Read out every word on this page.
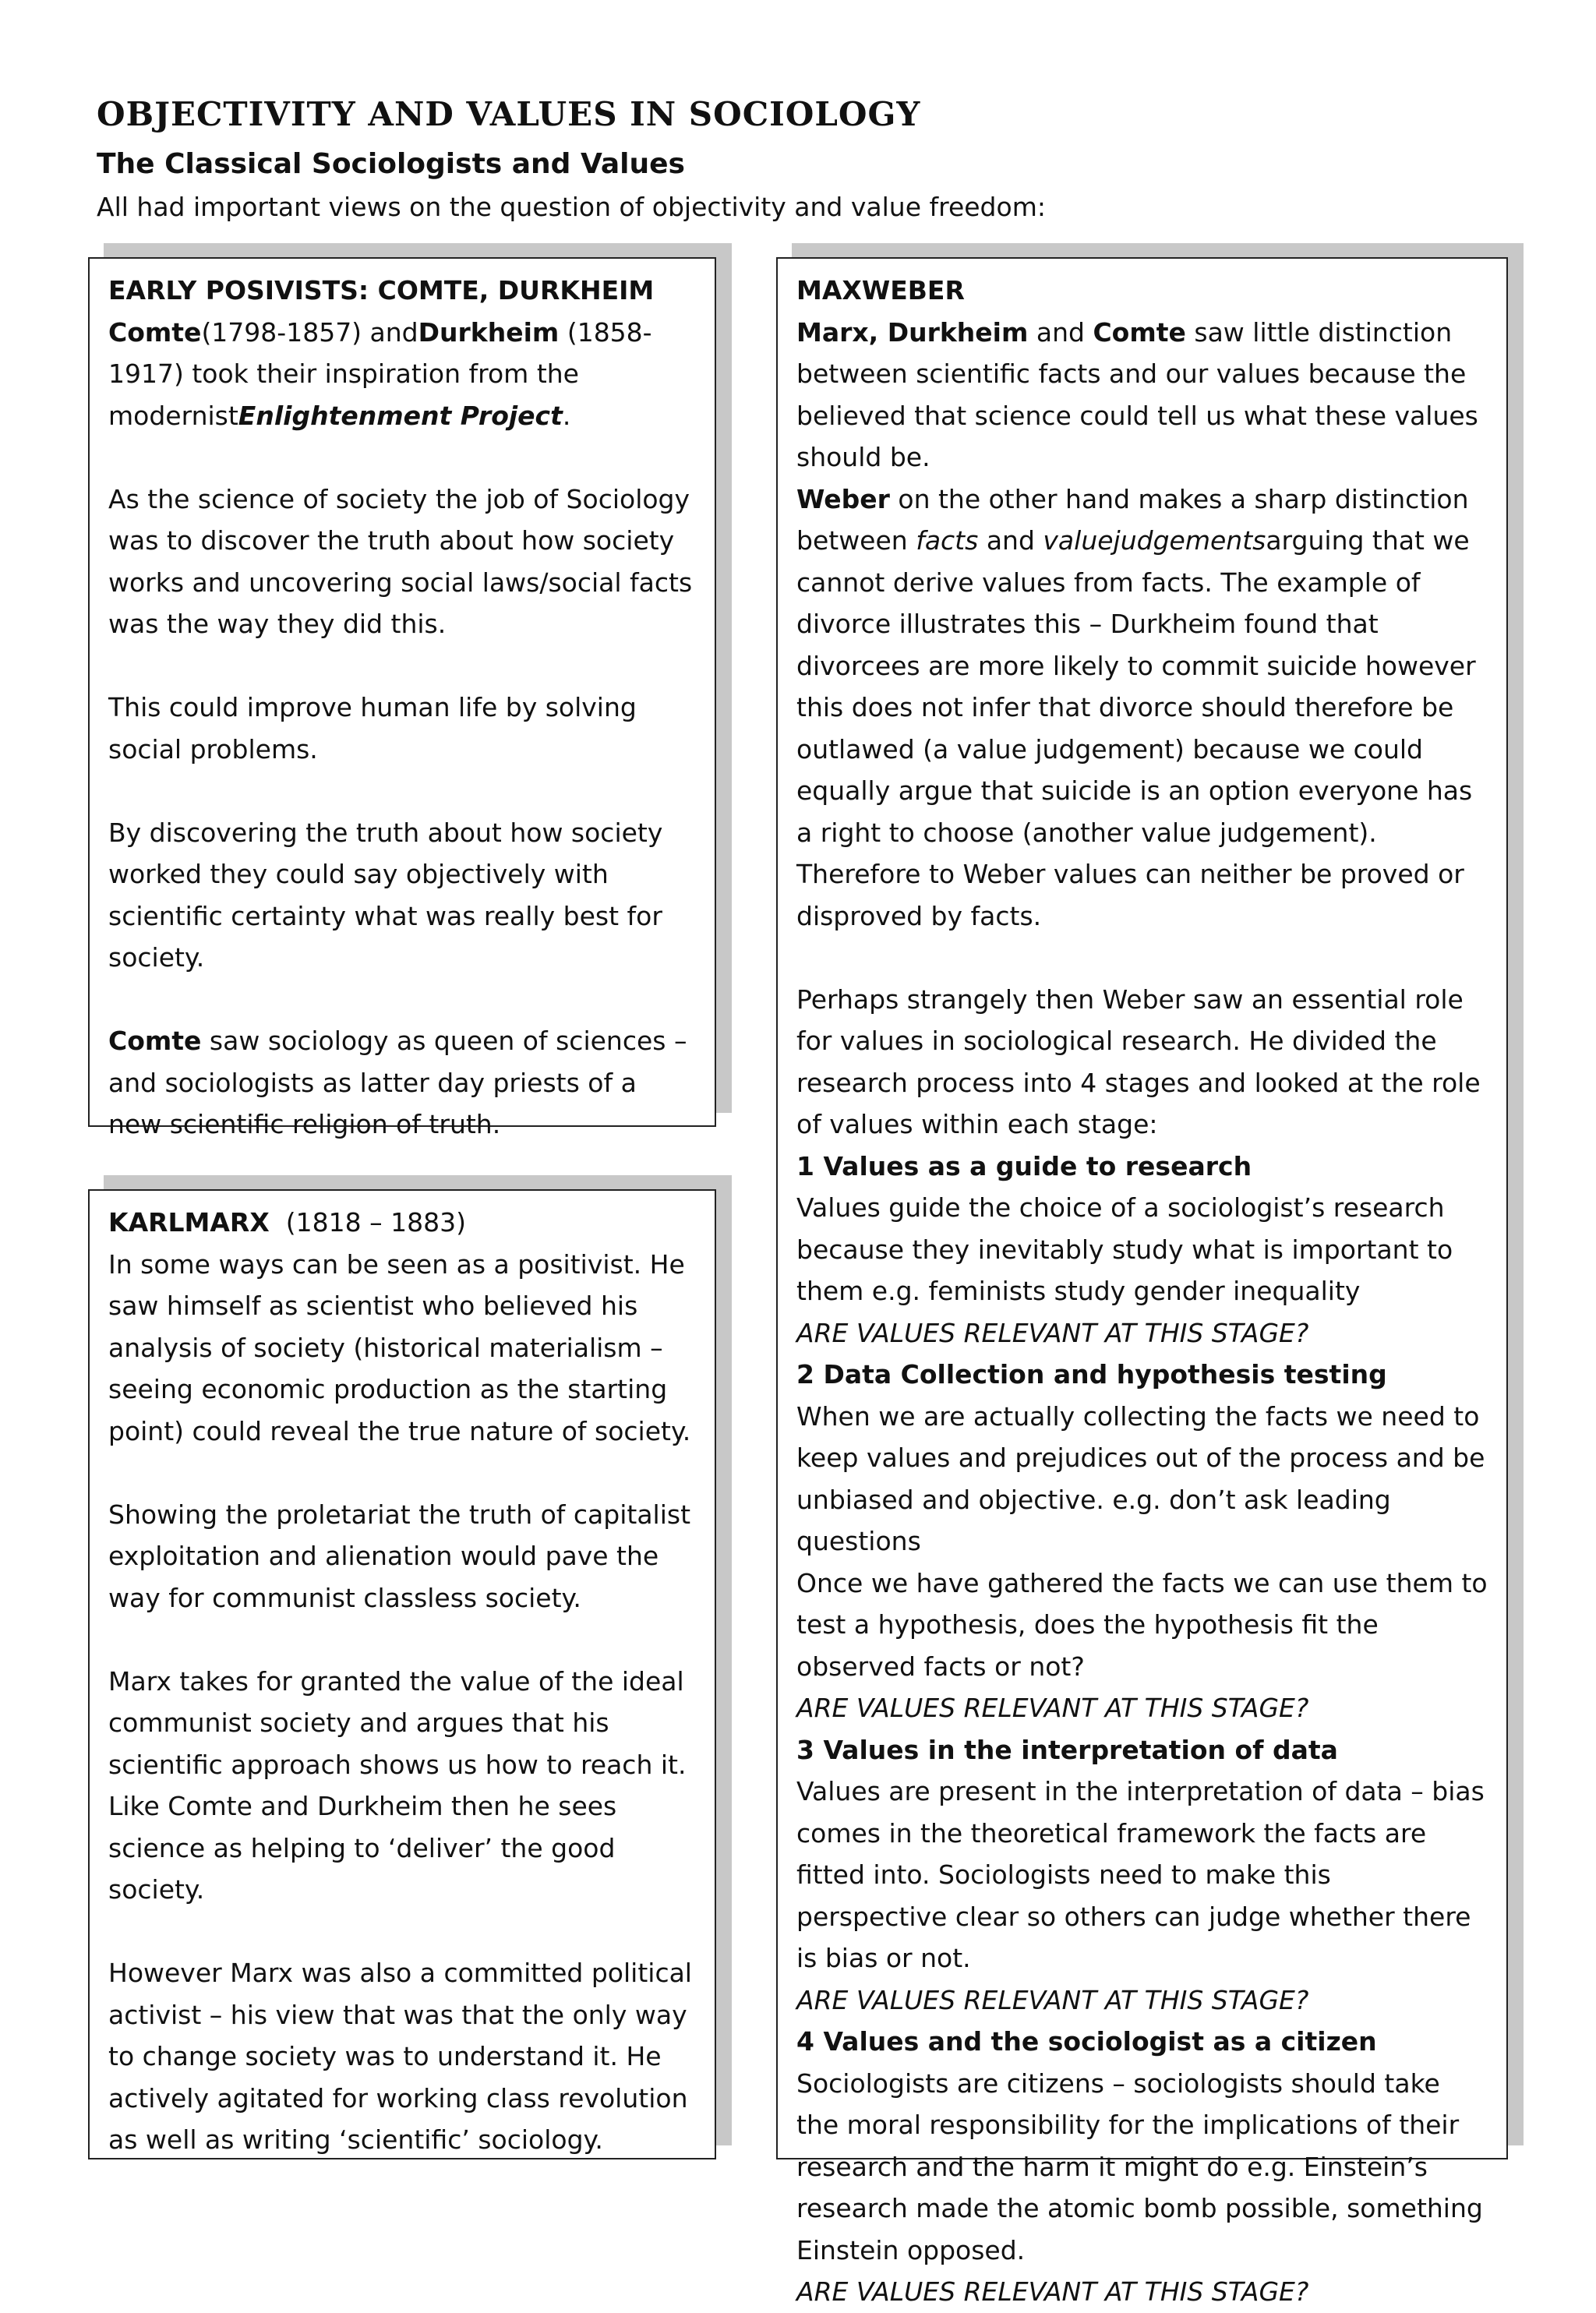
OBJECTIVITY AND VALUES IN SOCIOLOGY
The Classical Sociologists and Values

All had important views on the question of objectivity and value freedom:

EARLY POSIVISTS: COMTE, DURKHEIM

Comte(1798-1857) andDurkheim (1858-1917) took their inspiration from the modernistEnlightenment Project.

As the science of society the job of Sociology was to discover the truth about how society works and uncovering social laws/social facts was the way they did this.

This could improve human life by solving social problems.

By discovering the truth about how society worked they could say objectively with scientific certainty what was really best for society.

Comte saw sociology as queen of sciences – and sociologists as latter day priests of a new scientific religion of truth.

KARLMARX  (1818 – 1883)

In some ways can be seen as a positivist. He saw himself as scientist who believed his analysis of society (historical materialism – seeing economic production as the starting point) could reveal the true nature of society.

Showing the proletariat the truth of capitalist exploitation and alienation would pave the way for communist classless society.

Marx takes for granted the value of the ideal communist society and argues that his scientific approach shows us how to reach it. Like Comte and Durkheim then he sees science as helping to ‘deliver’ the good society.

However Marx was also a committed political activist – his view that was that the only way to change society was to understand it. He actively agitated for working class revolution as well as writing ‘scientific’ sociology.

MAXWEBER

Marx, Durkheim and Comte saw little distinction between scientific facts and our values because the believed that science could tell us what these values should be.

Weber on the other hand makes a sharp distinction between facts and valuejudgementsarguing that we cannot derive values from facts. The example of divorce illustrates this – Durkheim found that divorcees are more likely to commit suicide however this does not infer that divorce should therefore be outlawed (a value judgement) because we could equally argue that suicide is an option everyone has a right to choose (another value judgement). Therefore to Weber values can neither be proved or disproved by facts.

Perhaps strangely then Weber saw an essential role for values in sociological research. He divided the research process into 4 stages and looked at the role of values within each stage:

1 Values as a guide to research

Values guide the choice of a sociologist’s research because they inevitably study what is important to them e.g. feminists study gender inequality

ARE VALUES RELEVANT AT THIS STAGE?

2 Data Collection and hypothesis testing

When we are actually collecting the facts we need to keep values and prejudices out of the process and be unbiased and objective. e.g. don’t ask leading questions

Once we have gathered the facts we can use them to test a hypothesis, does the hypothesis fit the observed facts or not?

ARE VALUES RELEVANT AT THIS STAGE?

3 Values in the interpretation of data

Values are present in the interpretation of data – bias comes in the theoretical framework the facts are fitted into. Sociologists need to make this perspective clear so others can judge whether there is bias or not.

ARE VALUES RELEVANT AT THIS STAGE?

4 Values and the sociologist as a citizen

Sociologists are citizens – sociologists should take the moral responsibility for the implications of their research and the harm it might do e.g. Einstein’s research made the atomic bomb possible, something Einstein opposed.

ARE VALUES RELEVANT AT THIS STAGE?
